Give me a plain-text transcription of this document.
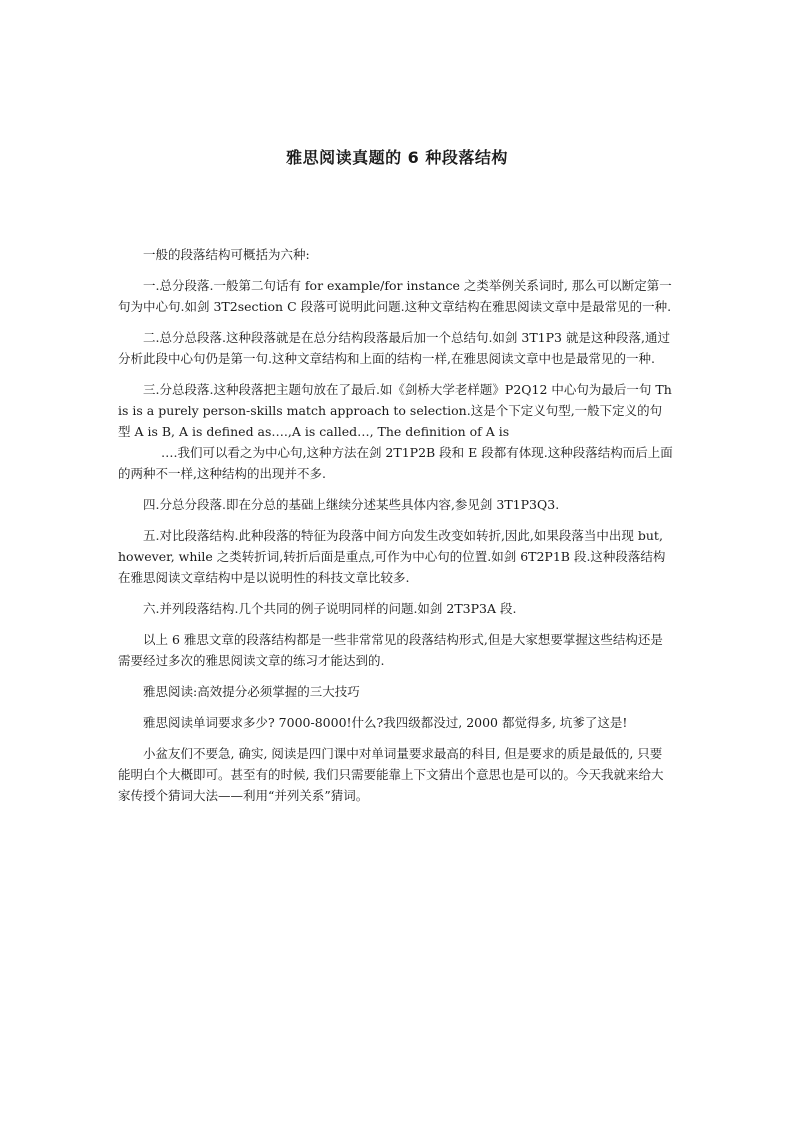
雅思阅读真题的 6 种段落结构

一般的段落结构可概括为六种:

一.总分段落.一般第二句话有 for example/for instance 之类举例关系词时, 那么可以断定第一句为中心句.如剑 3T2section C 段落可说明此问题.这种文章结构在雅思阅读文章中是最常见的一种.

二.总分总段落.这种段落就是在总分结构段落最后加一个总结句.如剑 3T1P3 就是这种段落,通过分析此段中心句仍是第一句.这种文章结构和上面的结构一样,在雅思阅读文章中也是最常见的一种.

三.分总段落.这种段落把主题句放在了最后.如《剑桥大学老样题》P2Q12 中心句为最后一句 This is a purely person-skills match approach to selection.这是个下定义句型,一般下定义的句型 A is B, A is defined as….,A is called…, The definition of A is
….我们可以看之为中心句,这种方法在剑 2T1P2B 段和 E 段都有体现.这种段落结构而后上面的两种不一样,这种结构的出现并不多.

四.分总分段落.即在分总的基础上继续分述某些具体内容,参见剑 3T1P3Q3.

五.对比段落结构.此种段落的特征为段落中间方向发生改变如转折,因此,如果段落当中出现 but, however, while 之类转折词,转折后面是重点,可作为中心句的位置.如剑 6T2P1B 段.这种段落结构在雅思阅读文章结构中是以说明性的科技文章比较多.

六.并列段落结构.几个共同的例子说明同样的问题.如剑 2T3P3A 段.

以上 6 雅思文章的段落结构都是一些非常常见的段落结构形式,但是大家想要掌握这些结构还是需要经过多次的雅思阅读文章的练习才能达到的.

雅思阅读:高效提分必须掌握的三大技巧

雅思阅读单词要求多少? 7000-8000!什么?我四级都没过, 2000 都觉得多, 坑爹了这是!

小盆友们不要急, 确实, 阅读是四门课中对单词量要求最高的科目, 但是要求的质是最低的, 只要能明白个大概即可。甚至有的时候, 我们只需要能靠上下文猜出个意思也是可以的。今天我就来给大家传授个猜词大法——利用“并列关系”猜词。
